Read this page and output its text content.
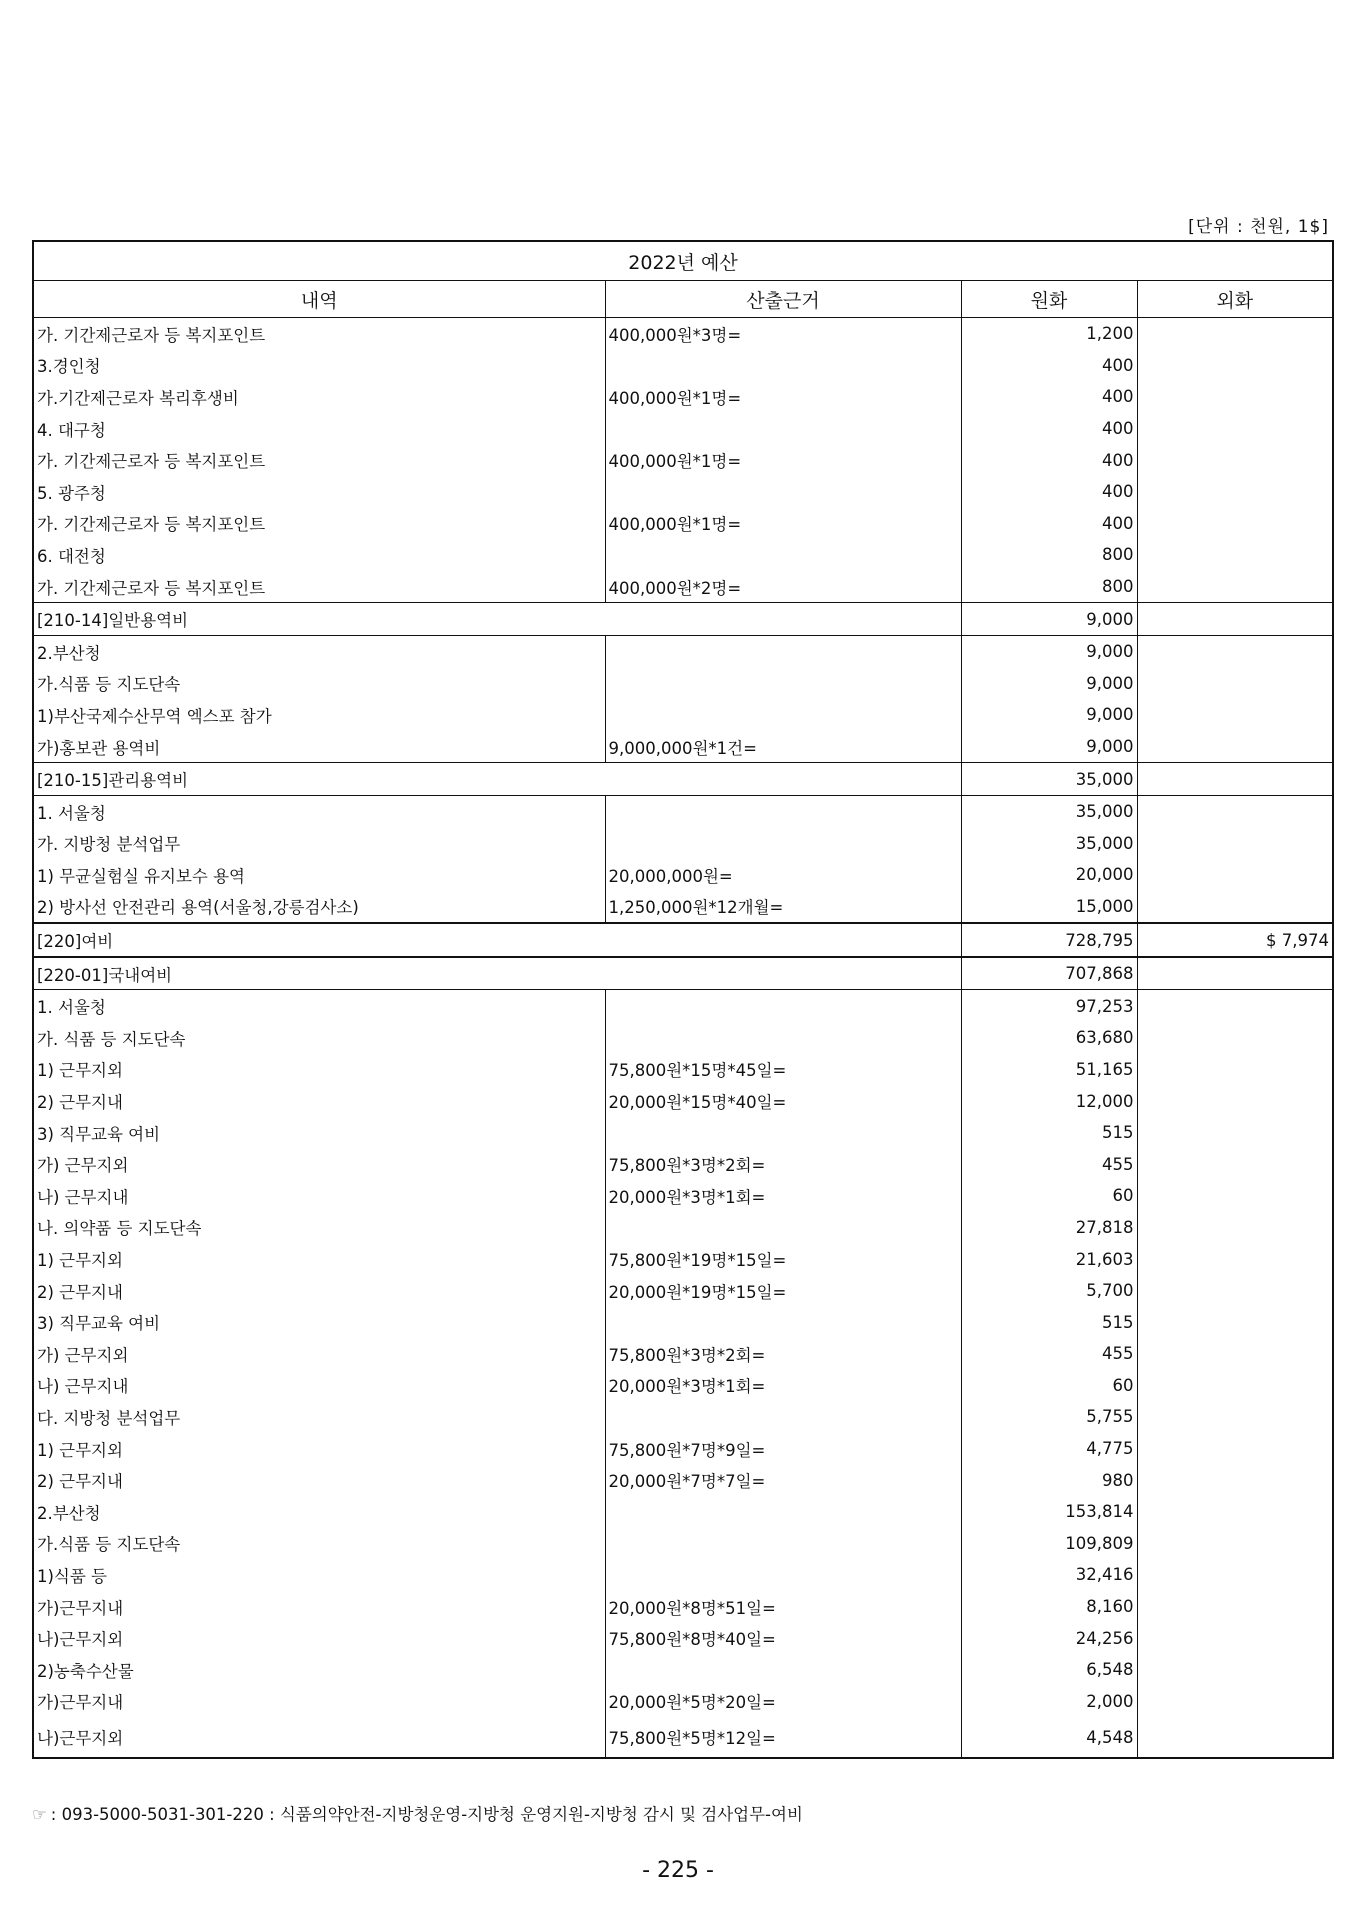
[단위 : 천원, 1$]
2022년 예산			
내역	산출근거	원화	외화
가. 기간제근로자 등 복지포인트	400,000원*3명=	1,200	
3.경인청		400	
가.기간제근로자 복리후생비	400,000원*1명=	400	
4. 대구청		400	
가. 기간제근로자 등 복지포인트	400,000원*1명=	400	
5. 광주청		400	
가. 기간제근로자 등 복지포인트	400,000원*1명=	400	
6. 대전청		800	
가. 기간제근로자 등 복지포인트	400,000원*2명=	800	
[210-14]일반용역비		9,000	
2.부산청		9,000	
가.식품 등 지도단속		9,000	
1)부산국제수산무역 엑스포 참가		9,000	
가)홍보관 용역비	9,000,000원*1건=	9,000	
[210-15]관리용역비		35,000	
1. 서울청		35,000	
가. 지방청 분석업무		35,000	
1) 무균실험실 유지보수 용역	20,000,000원=	20,000	
2) 방사선 안전관리 용역(서울청,강릉검사소)	1,250,000원*12개월=	15,000	
[220]여비		728,795	$ 7,974
[220-01]국내여비		707,868	
1. 서울청		97,253	
가. 식품 등 지도단속		63,680	
1) 근무지외	75,800원*15명*45일=	51,165	
2) 근무지내	20,000원*15명*40일=	12,000	
3) 직무교육 여비		515	
가) 근무지외	75,800원*3명*2회=	455	
나) 근무지내	20,000원*3명*1회=	60	
나. 의약품 등 지도단속		27,818	
1) 근무지외	75,800원*19명*15일=	21,603	
2) 근무지내	20,000원*19명*15일=	5,700	
3) 직무교육 여비		515	
가) 근무지외	75,800원*3명*2회=	455	
나) 근무지내	20,000원*3명*1회=	60	
다. 지방청 분석업무		5,755	
1) 근무지외	75,800원*7명*9일=	4,775	
2) 근무지내	20,000원*7명*7일=	980	
2.부산청		153,814	
가.식품 등 지도단속		109,809	
1)식품 등		32,416	
가)근무지내	20,000원*8명*51일=	8,160	
나)근무지외	75,800원*8명*40일=	24,256	
2)농축수산물		6,548	
가)근무지내	20,000원*5명*20일=	2,000	
나)근무지외	75,800원*5명*12일=	4,548	
☞ : 093-5000-5031-301-220 : 식품의약안전-지방청운영-지방청 운영지원-지방청 감시 및 검사업무-여비
- 225 -
